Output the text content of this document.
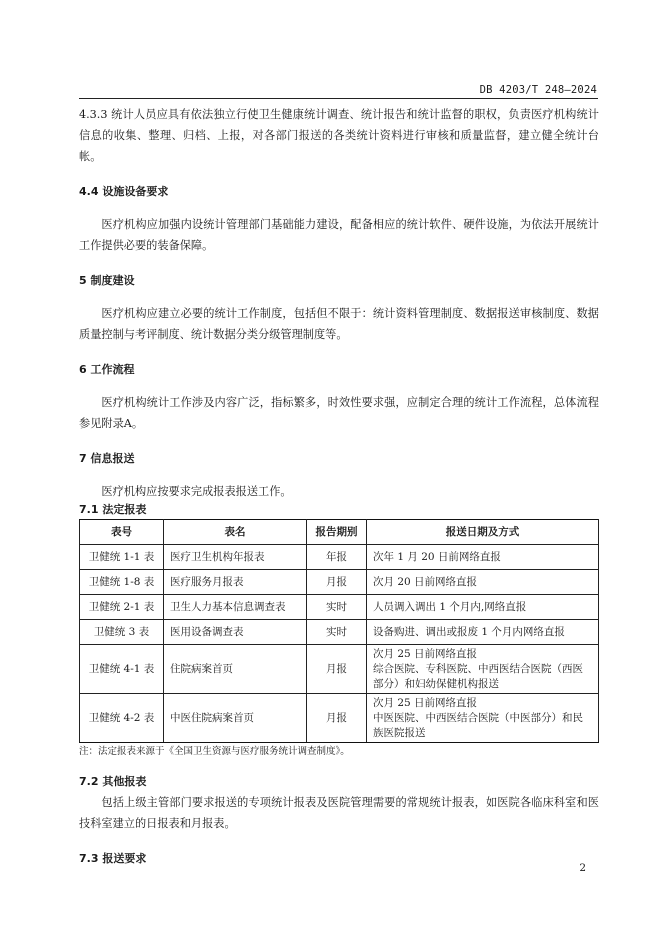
DB 4203/T 248—2024

4.3.3 统计人员应具有依法独立行使卫生健康统计调查、统计报告和统计监督的职权，负责医疗机构统计信息的收集、整理、归档、上报，对各部门报送的各类统计资料进行审核和质量监督，建立健全统计台帐。

4.4 设施设备要求

医疗机构应加强内设统计管理部门基础能力建设，配备相应的统计软件、硬件设施，为依法开展统计工作提供必要的装备保障。

5 制度建设

医疗机构应建立必要的统计工作制度，包括但不限于：统计资料管理制度、数据报送审核制度、数据质量控制与考评制度、统计数据分类分级管理制度等。

6 工作流程

医疗机构统计工作涉及内容广泛，指标繁多，时效性要求强，应制定合理的统计工作流程，总体流程参见附录A。

7 信息报送

医疗机构应按要求完成报表报送工作。

7.1 法定报表

表号	表名	报告期别	报送日期及方式
卫健统 1-1 表	医疗卫生机构年报表	年报	次年 1 月 20 日前网络直报
卫健统 1-8 表	医疗服务月报表	月报	次月 20 日前网络直报
卫健统 2-1 表	卫生人力基本信息调查表	实时	人员调入调出 1 个月内,网络直报
卫健统 3 表	医用设备调查表	实时	设备购进、调出或报废 1 个月内网络直报
卫健统 4-1 表	住院病案首页	月报	次月 25 日前网络直报
综合医院、专科医院、中西医结合医院（西医部分）和妇幼保健机构报送

卫健统 4-2 表	中医住院病案首页	月报	次月 25 日前网络直报
中医医院、中西医结合医院（中医部分）和民族医院报送
注：法定报表来源于《全国卫生资源与医疗服务统计调查制度》。

7.2 其他报表

包括上级主管部门要求报送的专项统计报表及医院管理需要的常规统计报表，如医院各临床科室和医技科室建立的日报表和月报表。

7.3 报送要求

2
